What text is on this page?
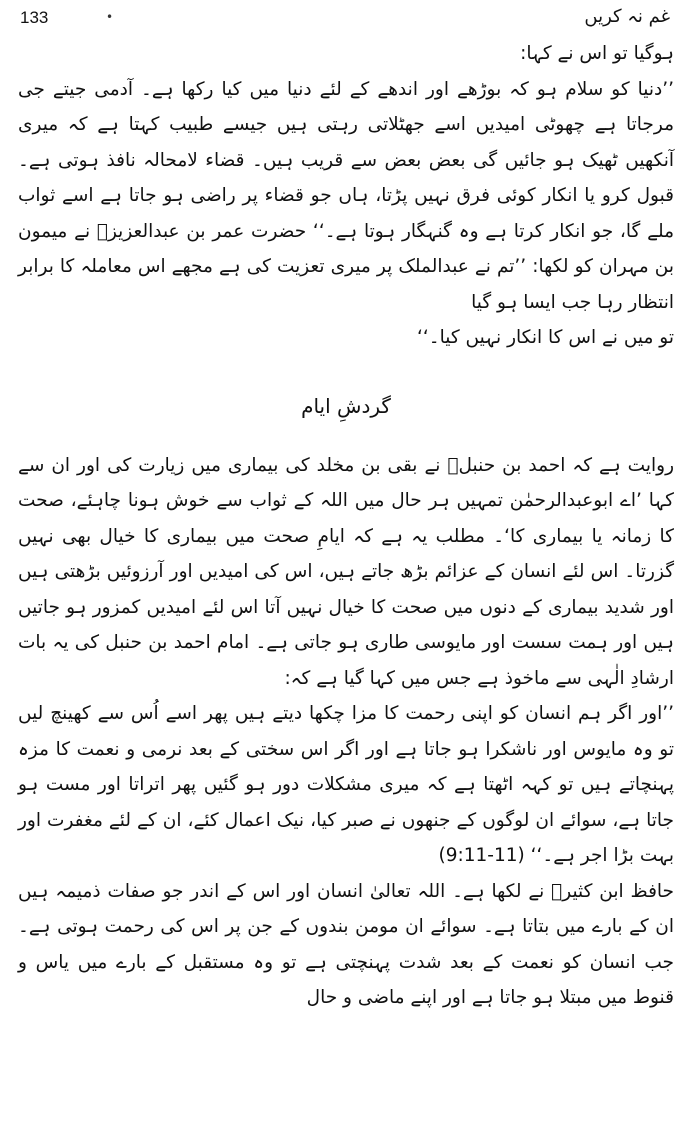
133	•	غم نہ کریں

ہوگیا تو اس نے کہا:

’’دنیا کو سلام ہو کہ بوڑھے اور اندھے کے لئے دنیا میں کیا رکھا ہے۔ آدمی جیتے جی مرجاتا ہے چھوٹی امیدیں اسے جھٹلاتی رہتی ہیں جیسے طبیب کہتا ہے کہ میری آنکھیں ٹھیک ہو جائیں گی بعض بعض سے قریب ہیں۔ قضاء لامحالہ نافذ ہوتی ہے۔ قبول کرو یا انکار کوئی فرق نہیں پڑتا، ہاں جو قضاء پر راضی ہو جاتا ہے اسے ثواب ملے گا، جو انکار کرتا ہے وہ گنہگار ہوتا ہے۔‘‘ حضرت عمر بن عبدالعزیزؒ نے میمون بن مہران کو لکھا: ’’تم نے عبدالملک پر میری تعزیت کی ہے مجھے اس معاملہ کا برابر انتظار رہا جب ایسا ہو گیا

تو میں نے اس کا انکار نہیں کیا۔‘‘

گردشِ ایام

روایت ہے کہ احمد بن حنبلؒ نے بقی بن مخلد کی بیماری میں زیارت کی اور ان سے کہا ’اے ابوعبدالرحمٰن تمہیں ہر حال میں اللہ کے ثواب سے خوش ہونا چاہئے، صحت کا زمانہ یا بیماری کا‘۔ مطلب یہ ہے کہ ایامِ صحت میں بیماری کا خیال بھی نہیں گزرتا۔ اس لئے انسان کے عزائم بڑھ جاتے ہیں، اس کی امیدیں اور آرزوئیں بڑھتی ہیں اور شدید بیماری کے دنوں میں صحت کا خیال نہیں آتا اس لئے امیدیں کمزور ہو جاتیں ہیں اور ہمت سست اور مایوسی طاری ہو جاتی ہے۔ امام احمد بن حنبل کی یہ بات ارشادِ الٰہی سے ماخوذ ہے جس میں کہا گیا ہے کہ:

’’اور اگر ہم انسان کو اپنی رحمت کا مزا چکھا دیتے ہیں پھر اسے اُس سے کھینچ لیں تو وہ مایوس اور ناشکرا ہو جاتا ہے اور اگر اس سختی کے بعد نرمی و نعمت کا مزہ پہنچاتے ہیں تو کہہ اٹھتا ہے کہ میری مشکلات دور ہو گئیں پھر اتراتا اور مست ہو جاتا ہے، سوائے ان لوگوں کے جنھوں نے صبر کیا، نیک اعمال کئے، ان کے لئے مغفرت اور بہت بڑا اجر ہے۔‘‘ (11-9:11)

حافظ ابن کثیرؒ نے لکھا ہے۔ اللہ تعالیٰ انسان اور اس کے اندر جو صفات ذمیمہ ہیں ان کے بارے میں بتاتا ہے۔ سوائے ان مومن بندوں کے جن پر اس کی رحمت ہوتی ہے۔ جب انسان کو نعمت کے بعد شدت پہنچتی ہے تو وہ مستقبل کے بارے میں یاس و قنوط میں مبتلا ہو جاتا ہے اور اپنے ماضی و حال
